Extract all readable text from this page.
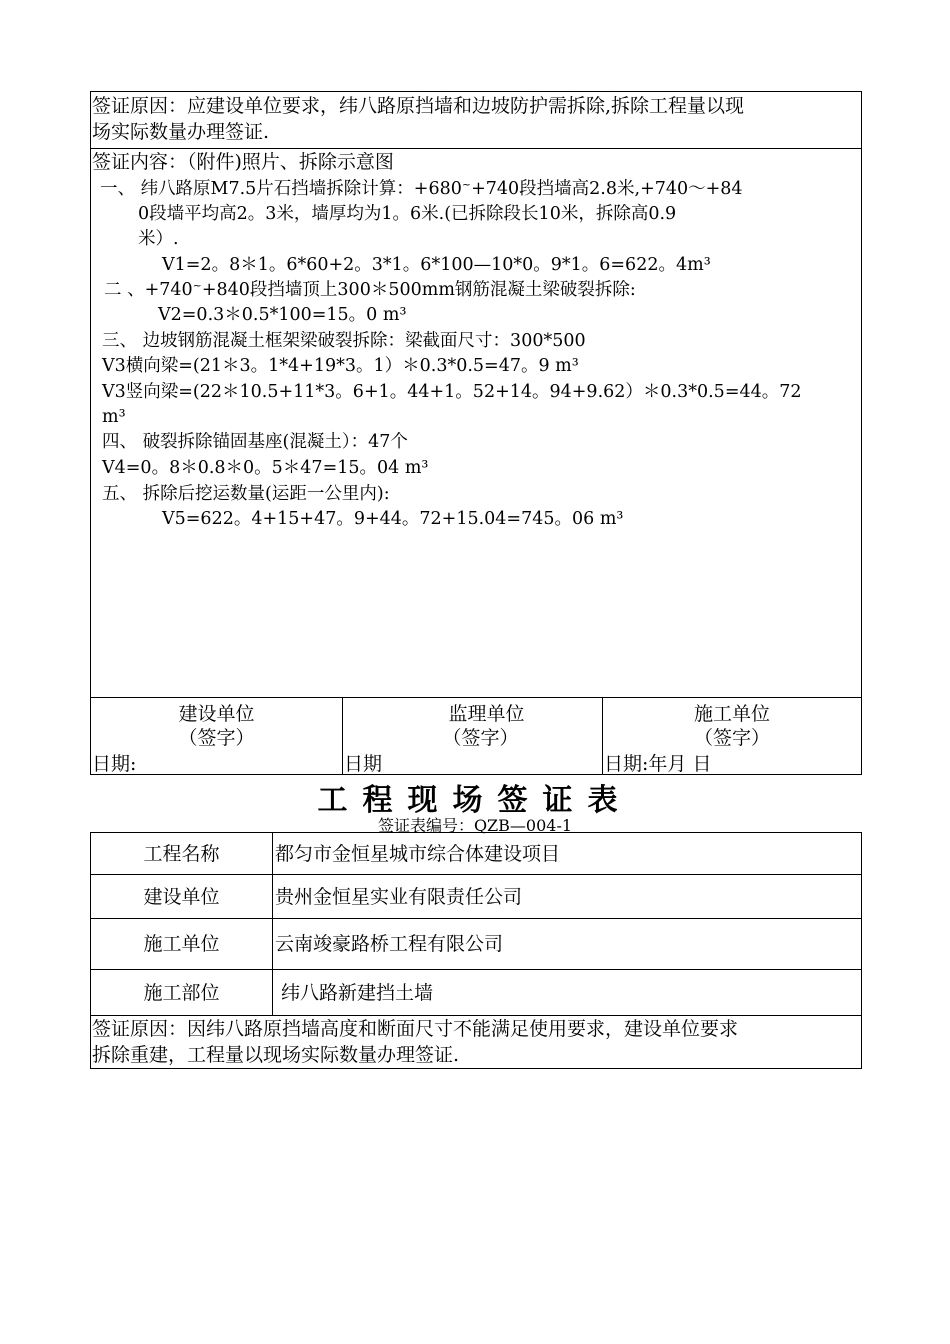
签证原因：应建设单位要求，纬八路原挡墙和边坡防护需拆除,拆除工程量以现
场实际数量办理签证.
签证内容：（附件)照片、拆除示意图
一、 纬八路原M7.5片石挡墙拆除计算：+680~+740段挡墙高2.8米,+740～+84
0段墙平均高2。3米，墙厚均为1。6米.(已拆除段长10米，拆除高0.9
米）.
V1=2。8＊1。6*60+2。3*1。6*100—10*0。9*1。6=622。4m³
二 、+740~+840段挡墙顶上300＊500mm钢筋混凝土梁破裂拆除:
V2=0.3＊0.5*100=15。0 m³
三、 边坡钢筋混凝土框架梁破裂拆除：梁截面尺寸：300*500
V3横向梁=(21＊3。1*4+19*3。1）＊0.3*0.5=47。9 m³
V3竖向梁=(22＊10.5+11*3。6+1。44+1。52+14。94+9.62）＊0.3*0.5=44。72
m³
四、 破裂拆除锚固基座(混凝土）：47个
V4=0。8＊0.8＊0。5＊47=15。04 m³
五、 拆除后挖运数量(运距一公里内):
V5=622。4+15+47。9+44。72+15.04=745。06 m³
建设单位
（签字）
日期:
监理单位
（签字）
日期
施工单位
（签字）
日期:年月 日
工程现场签证表
签证表编号：QZB—004-1
工程名称	都匀市金恒星城市综合体建设项目
建设单位	贵州金恒星实业有限责任公司
施工单位	云南竣豪路桥工程有限公司
施工部位	纬八路新建挡土墙
签证原因：因纬八路原挡墙高度和断面尺寸不能满足使用要求，建设单位要求
拆除重建，工程量以现场实际数量办理签证.
